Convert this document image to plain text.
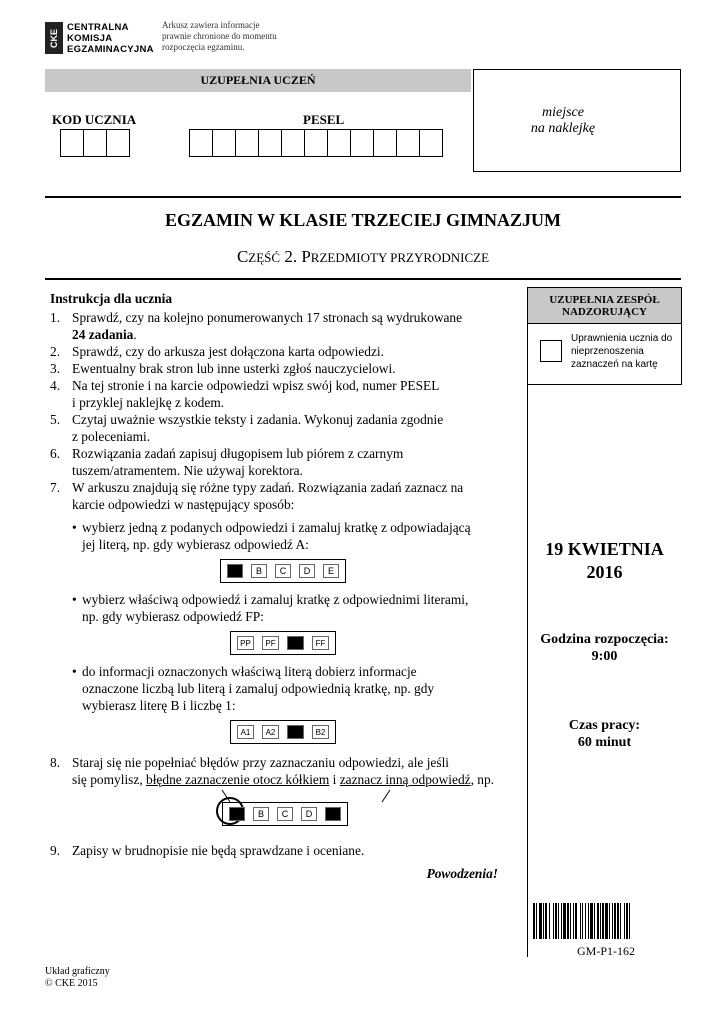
CKE
CENTRALNA
KOMISJA
EGZAMINACYJNA
Arkusz zawiera informacje
prawnie chronione do momentu
rozpoczęcia egzaminu.
UZUPEŁNIA UCZEŃ
KOD UCZNIA	PESEL	miejsce
na naklejkę
EGZAMIN W KLASIE TRZECIEJ GIMNAZJUM
CZĘŚĆ 2. PRZEDMIOTY PRZYRODNICZE
UZUPEŁNIA ZESPÓŁ
NADZORUJĄCY
Uprawnienia ucznia do
nieprzenoszenia
zaznaczeń na kartę
19 KWIETNIA
2016
Godzina rozpoczęcia:
9:00
Czas pracy:
60 minut
GM-P1-162
Instrukcja dla ucznia
1. Sprawdź, czy na kolejno ponumerowanych 17 stronach są wydrukowane
24 zadania.
2. Sprawdź, czy do arkusza jest dołączona karta odpowiedzi.
3. Ewentualny brak stron lub inne usterki zgłoś nauczycielowi.
4. Na tej stronie i na karcie odpowiedzi wpisz swój kod, numer PESEL
i przyklej naklejkę z kodem.
5. Czytaj uważnie wszystkie teksty i zadania. Wykonuj zadania zgodnie
z poleceniami.
6. Rozwiązania zadań zapisuj długopisem lub piórem z czarnym
tuszem/atramentem. Nie używaj korektora.
7. W arkuszu znajdują się różne typy zadań. Rozwiązania zadań zaznacz na
karcie odpowiedzi w następujący sposób:
• wybierz jedną z podanych odpowiedzi i zamaluj kratkę z odpowiadającą
jej literą, np. gdy wybierasz odpowiedź A:
B	C	D	E
• wybierz właściwą odpowiedź i zamaluj kratkę z odpowiednimi literami,
np. gdy wybierasz odpowiedź FP:
PP	PF	FF
• do informacji oznaczonych właściwą literą dobierz informacje
oznaczone liczbą lub literą i zamaluj odpowiednią kratkę, np. gdy
wybierasz literę B i liczbę 1:
A1	A2	B2
8. Staraj się nie popełniać błędów przy zaznaczaniu odpowiedzi, ale jeśli
się pomylisz, błędne zaznaczenie otocz kółkiem i zaznacz inną odpowiedź, np.
B	C	D
9. Zapisy w brudnopisie nie będą sprawdzane i oceniane.
Powodzenia!
Układ graficzny
© CKE 2015
